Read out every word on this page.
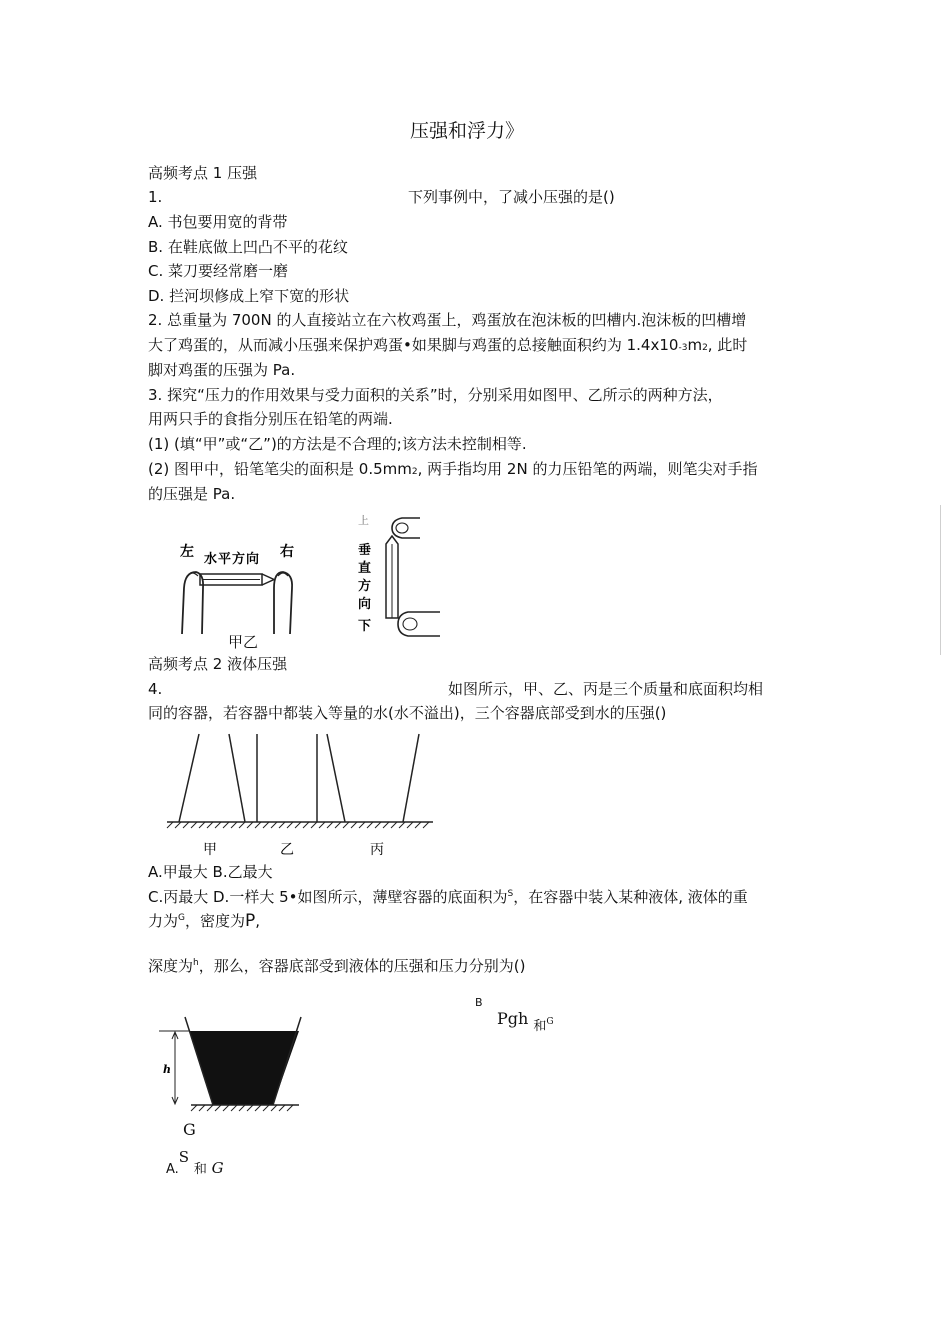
压强和浮力》
高频考点 1 压强
1.	下列事例中，了减小压强的是()
A. 书包要用宽的背带
B. 在鞋底做上凹凸不平的花纹
C. 菜刀要经常磨一磨
D. 拦河坝修成上窄下宽的形状
2. 总重量为 700N 的人直接站立在六枚鸡蛋上，鸡蛋放在泡沫板的凹槽内.泡沫板的凹槽增
大了鸡蛋的，从而减小压强来保护鸡蛋•如果脚与鸡蛋的总接触面积约为 1.4x10-3m2, 此时
脚对鸡蛋的压强为 Pa.
3. 探究“压力的作用效果与受力面积的关系”时，分别采用如图甲、乙所示的两种方法，
用两只手的食指分别压在铅笔的两端.
(1) (填“甲”或“乙”)的方法是不合理的;该方法未控制相等.
(2) 图甲中，铅笔笔尖的面积是 0.5mm2, 两手指均用 2N 的力压铅笔的两端，则笔尖对手指
的压强是 Pa.
左 水平方向 右
上
垂
直
方
向
下
甲乙
高频考点 2 液体压强
4.	如图所示，甲、乙、丙是三个质量和底面积均相
同的容器，若容器中都装入等量的水(水不溢出)，三个容器底部受到水的压强()
甲	乙	丙
A.甲最大 B.乙最大
C.丙最大 D.一样大 5•如图所示，薄壁容器的底面积为$^S$，在容器中装入某种液体, 液体的重
力为$^G$，密度为P,
深度为$^h$，那么，容器底部受到液体的压强和压力分别为()
h
B
Pgh $_和$G
G
A.S 和 G
